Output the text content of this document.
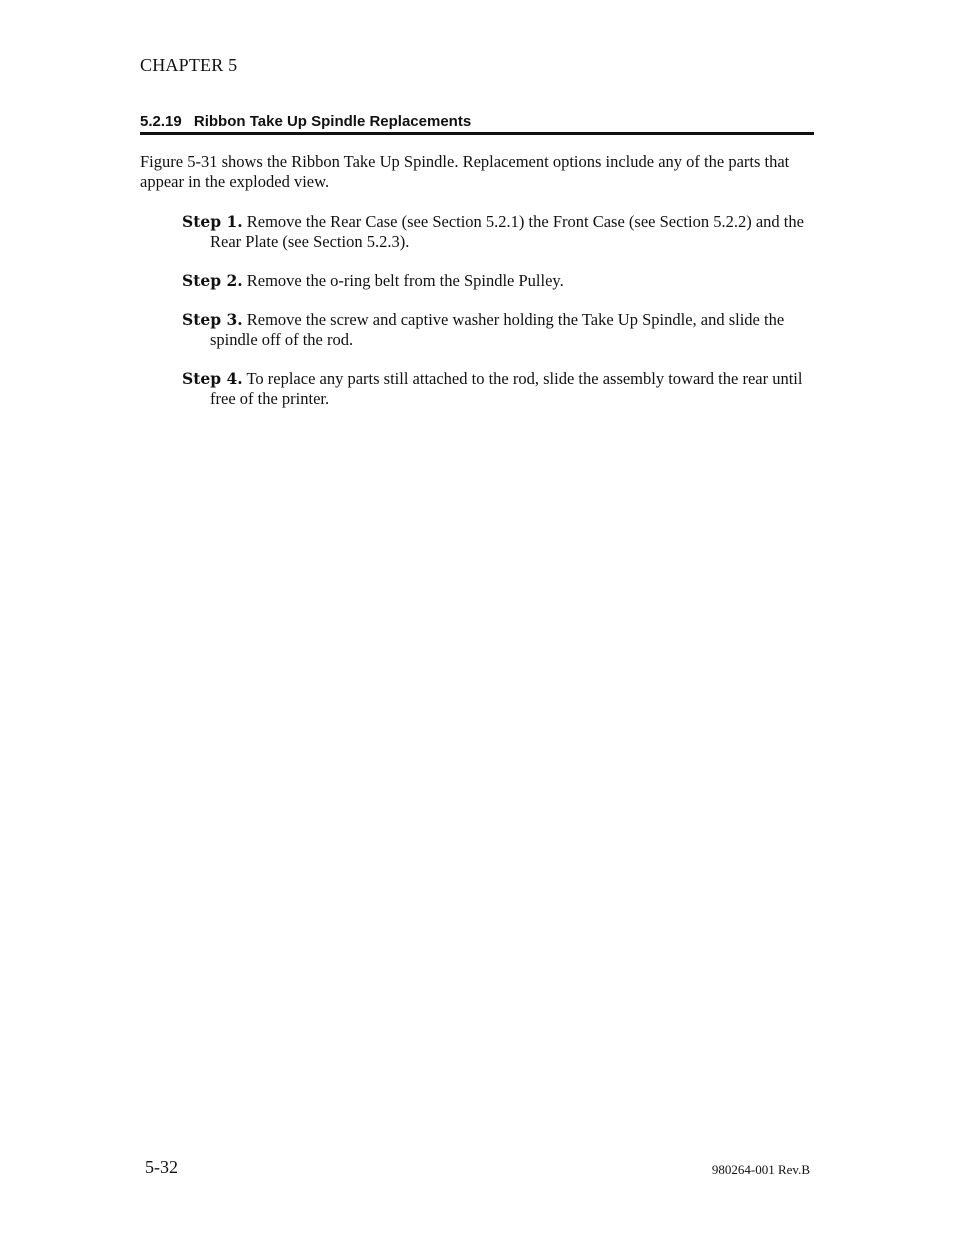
CHAPTER 5
5.2.19 Ribbon Take Up Spindle Replacements

Figure 5-31 shows the Ribbon Take Up Spindle. Replacement options include any of the parts that appear in the exploded view.

Step 1. Remove the Rear Case (see Section 5.2.1) the Front Case (see Section 5.2.2) and the Rear Plate (see Section 5.2.3).

Step 2. Remove the o-ring belt from the Spindle Pulley.

Step 3. Remove the screw and captive washer holding the Take Up Spindle, and slide the spindle off of the rod.

Step 4. To replace any parts still attached to the rod, slide the assembly toward the rear until free of the printer.

5-32	980264-001 Rev.B
